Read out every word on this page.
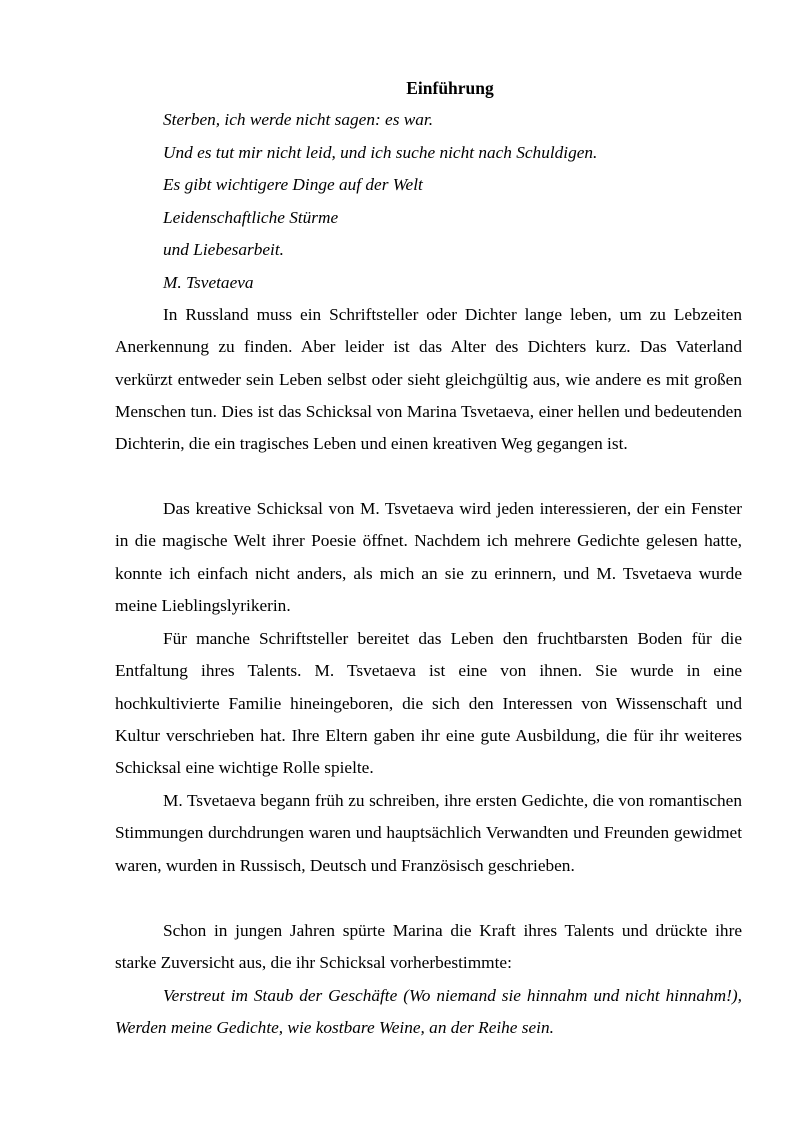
Einführung

Sterben, ich werde nicht sagen: es war.

Und es tut mir nicht leid, und ich suche nicht nach Schuldigen.

Es gibt wichtigere Dinge auf der Welt

Leidenschaftliche Stürme

und Liebesarbeit.

M. Tsvetaeva

In Russland muss ein Schriftsteller oder Dichter lange leben, um zu Lebzeiten Anerkennung zu finden. Aber leider ist das Alter des Dichters kurz. Das Vaterland verkürzt entweder sein Leben selbst oder sieht gleichgültig aus, wie andere es mit großen Menschen tun. Dies ist das Schicksal von Marina Tsvetaeva, einer hellen und bedeutenden Dichterin, die ein tragisches Leben und einen kreativen Weg gegangen ist.

Das kreative Schicksal von M. Tsvetaeva wird jeden interessieren, der ein Fenster in die magische Welt ihrer Poesie öffnet. Nachdem ich mehrere Gedichte gelesen hatte, konnte ich einfach nicht anders, als mich an sie zu erinnern, und M. Tsvetaeva wurde meine Lieblingslyrikerin.

Für manche Schriftsteller bereitet das Leben den fruchtbarsten Boden für die Entfaltung ihres Talents. M. Tsvetaeva ist eine von ihnen. Sie wurde in eine hochkultivierte Familie hineingeboren, die sich den Interessen von Wissenschaft und Kultur verschrieben hat. Ihre Eltern gaben ihr eine gute Ausbildung, die für ihr weiteres Schicksal eine wichtige Rolle spielte.

M. Tsvetaeva begann früh zu schreiben, ihre ersten Gedichte, die von romantischen Stimmungen durchdrungen waren und hauptsächlich Verwandten und Freunden gewidmet waren, wurden in Russisch, Deutsch und Französisch geschrieben.

Schon in jungen Jahren spürte Marina die Kraft ihres Talents und drückte ihre starke Zuversicht aus, die ihr Schicksal vorherbestimmte:

Verstreut im Staub der Geschäfte (Wo niemand sie hinnahm und nicht hinnahm!), Werden meine Gedichte, wie kostbare Weine, an der Reihe sein.
